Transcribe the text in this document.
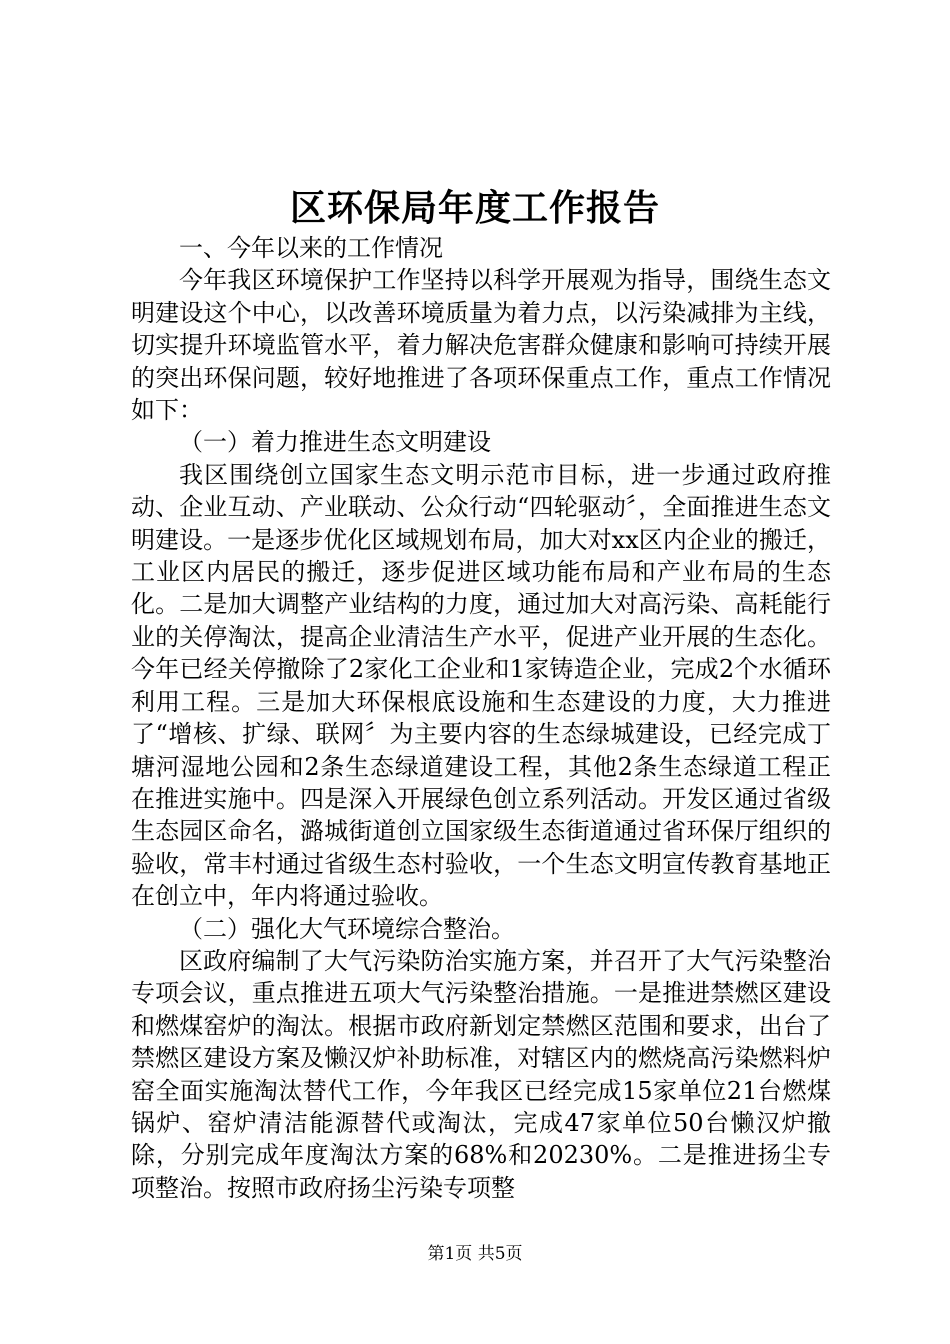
区环保局年度工作报告

一、今年以来的工作情况

今年我区环境保护工作坚持以科学开展观为指导，围绕生态文明建设这个中心，以改善环境质量为着力点，以污染减排为主线，切实提升环境监管水平，着力解决危害群众健康和影响可持续开展的突出环保问题，较好地推进了各项环保重点工作，重点工作情况如下：

（一）着力推进生态文明建设

我区围绕创立国家生态文明示范市目标，进一步通过政府推动、企业互动、产业联动、公众行动“四轮驱动〞，全面推进生态文明建设。一是逐步优化区域规划布局，加大对xx区内企业的搬迁，工业区内居民的搬迁，逐步促进区域功能布局和产业布局的生态化。二是加大调整产业结构的力度，通过加大对高污染、高耗能行业的关停淘汰，提高企业清洁生产水平，促进产业开展的生态化。今年已经关停撤除了2家化工企业和1家铸造企业，完成2个水循环利用工程。三是加大环保根底设施和生态建设的力度，大力推进了“增核、扩绿、联网〞为主要内容的生态绿城建设，已经完成丁塘河湿地公园和2条生态绿道建设工程，其他2条生态绿道工程正在推进实施中。四是深入开展绿色创立系列活动。开发区通过省级生态园区命名，潞城街道创立国家级生态街道通过省环保厅组织的验收，常丰村通过省级生态村验收，一个生态文明宣传教育基地正在创立中，年内将通过验收。

（二）强化大气环境综合整治。

区政府编制了大气污染防治实施方案，并召开了大气污染整治专项会议，重点推进五项大气污染整治措施。一是推进禁燃区建设和燃煤窑炉的淘汰。根据市政府新划定禁燃区范围和要求，出台了禁燃区建设方案及懒汉炉补助标准，对辖区内的燃烧高污染燃料炉窑全面实施淘汰替代工作，今年我区已经完成15家单位21台燃煤锅炉、窑炉清洁能源替代或淘汰，完成47家单位50台懒汉炉撤除，分别完成年度淘汰方案的68%和20230%。二是推进扬尘专项整治。按照市政府扬尘污染专项整

第1页 共5页
